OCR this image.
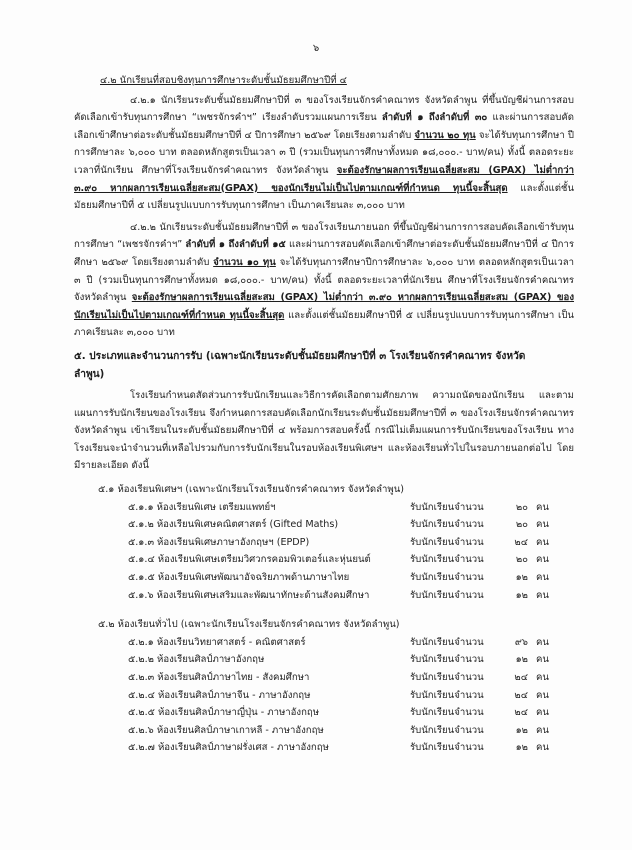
๖
๔.๒ นักเรียนที่สอบชิงทุนการศึกษาระดับชั้นมัธยมศึกษาปีที่ ๔

๔.๒.๑ นักเรียนระดับชั้นมัธยมศึกษาปีที่ ๓ ของโรงเรียนจักรคำคณาทร จังหวัดลำพูน ที่ขึ้นบัญชีผ่านการสอบคัดเลือกเข้ารับทุนการศึกษา “เพชรจักรคำฯ” เรียงลำดับรวมแผนการเรียน ลำดับที่ ๑ ถึงลำดับที่ ๓๐ และผ่านการสอบคัดเลือกเข้าศึกษาต่อระดับชั้นมัธยมศึกษาปีที่ ๔ ปีการศึกษา ๒๕๖๙ โดยเรียงตามลำดับ จำนวน ๒๐ ทุน จะได้รับทุนการศึกษา ปีการศึกษาละ ๖,๐๐๐ บาท ตลอดหลักสูตรเป็นเวลา ๓ ปี (รวมเป็นทุนการศึกษาทั้งหมด ๑๘,๐๐๐.- บาท/คน) ทั้งนี้ ตลอดระยะเวลาที่นักเรียน ศึกษาที่โรงเรียนจักรคำคณาทร จังหวัดลำพูน จะต้องรักษาผลการเรียนเฉลี่ยสะสม (GPAX) ไม่ต่ำกว่า ๓.๙๐ หากผลการเรียนเฉลี่ยสะสม(GPAX) ของนักเรียนไม่เป็นไปตามเกณฑ์ที่กำหนด ทุนนี้จะสิ้นสุด และตั้งแต่ชั้นมัธยมศึกษาปีที่ ๕ เปลี่ยนรูปแบบการรับทุนการศึกษา เป็นภาคเรียนละ ๓,๐๐๐ บาท

๔.๒.๒ นักเรียนระดับชั้นมัธยมศึกษาปีที่ ๓ ของโรงเรียนภายนอก ที่ขึ้นบัญชีผ่านการการสอบคัดเลือกเข้ารับทุนการศึกษา “เพชรจักรคำฯ” ลำดับที่ ๑ ถึงลำดับที่ ๑๕ และผ่านการสอบคัดเลือกเข้าศึกษาต่อระดับชั้นมัธยมศึกษาปีที่ ๔ ปีการศึกษา ๒๕๖๙ โดยเรียงตามลำดับ จำนวน ๑๐ ทุน จะได้รับทุนการศึกษาปีการศึกษาละ ๖,๐๐๐ บาท ตลอดหลักสูตรเป็นเวลา ๓ ปี (รวมเป็นทุนการศึกษาทั้งหมด ๑๘,๐๐๐.- บาท/คน) ทั้งนี้ ตลอดระยะเวลาที่นักเรียน ศึกษาที่โรงเรียนจักรคำคณาทร จังหวัดลำพูน จะต้องรักษาผลการเรียนเฉลี่ยสะสม (GPAX) ไม่ต่ำกว่า ๓.๙๐ หากผลการเรียนเฉลี่ยสะสม (GPAX) ของนักเรียนไม่เป็นไปตามเกณฑ์ที่กำหนด ทุนนี้จะสิ้นสุด และตั้งแต่ชั้นมัธยมศึกษาปีที่ ๕ เปลี่ยนรูปแบบการรับทุนการศึกษา เป็นภาคเรียนละ ๓,๐๐๐ บาท

๕. ประเภทและจำนวนการรับ (เฉพาะนักเรียนระดับชั้นมัธยมศึกษาปีที่ ๓ โรงเรียนจักรคำคณาทร จังหวัด
ลำพูน)

โรงเรียนกำหนดสัดส่วนการรับนักเรียนและวิธีการคัดเลือกตามศักยภาพ ความถนัดของนักเรียน และตามแผนการรับนักเรียนของโรงเรียน จึงกำหนดการสอบคัดเลือกนักเรียนระดับชั้นมัธยมศึกษาปีที่ ๓ ของโรงเรียนจักรคำคณาทร จังหวัดลำพูน เข้าเรียนในระดับชั้นมัธยมศึกษาปีที่ ๔ พร้อมการสอบครั้งนี้ กรณีไม่เต็มแผนการรับนักเรียนของโรงเรียน ทางโรงเรียนจะนำจำนวนที่เหลือไปรวมกับการรับนักเรียนในรอบห้องเรียนพิเศษฯ และห้องเรียนทั่วไปในรอบภายนอกต่อไป โดยมีรายละเอียด ดังนี้

๕.๑ ห้องเรียนพิเศษฯ (เฉพาะนักเรียนโรงเรียนจักรคำคณาทร จังหวัดลำพูน)
๕.๑.๑ ห้องเรียนพิเศษ เตรียมแพทย์ฯ	รับนักเรียนจำนวน	๒๐ คน
๕.๑.๒ ห้องเรียนพิเศษคณิตศาสตร์ (Gifted Maths)	รับนักเรียนจำนวน	๒๐ คน
๕.๑.๓ ห้องเรียนพิเศษภาษาอังกฤษฯ (EPDP)	รับนักเรียนจำนวน	๒๔ คน
๕.๑.๔ ห้องเรียนพิเศษเตรียมวิศวกรคอมพิวเตอร์และหุ่นยนต์	รับนักเรียนจำนวน	๒๐ คน
๕.๑.๕ ห้องเรียนพิเศษพัฒนาอัจฉริยภาพด้านภาษาไทย	รับนักเรียนจำนวน	๑๒ คน
๕.๑.๖ ห้องเรียนพิเศษเสริมและพัฒนาทักษะด้านสังคมศึกษา	รับนักเรียนจำนวน	๑๒ คน
๕.๒ ห้องเรียนทั่วไป (เฉพาะนักเรียนโรงเรียนจักรคำคณาทร จังหวัดลำพูน)
๕.๒.๑ ห้องเรียนวิทยาศาสตร์ - คณิตศาสตร์	รับนักเรียนจำนวน	๙๖ คน
๕.๒.๒ ห้องเรียนศิลป์ภาษาอังกฤษ	รับนักเรียนจำนวน	๑๒ คน
๕.๒.๓ ห้องเรียนศิลป์ภาษาไทย - สังคมศึกษา	รับนักเรียนจำนวน	๒๔ คน
๕.๒.๔ ห้องเรียนศิลป์ภาษาจีน - ภาษาอังกฤษ	รับนักเรียนจำนวน	๒๔ คน
๕.๒.๕ ห้องเรียนศิลป์ภาษาญี่ปุ่น - ภาษาอังกฤษ	รับนักเรียนจำนวน	๒๔ คน
๕.๒.๖ ห้องเรียนศิลป์ภาษาเกาหลี - ภาษาอังกฤษ	รับนักเรียนจำนวน	๑๒ คน
๕.๒.๗ ห้องเรียนศิลป์ภาษาฝรั่งเศส - ภาษาอังกฤษ	รับนักเรียนจำนวน	๑๒ คน
